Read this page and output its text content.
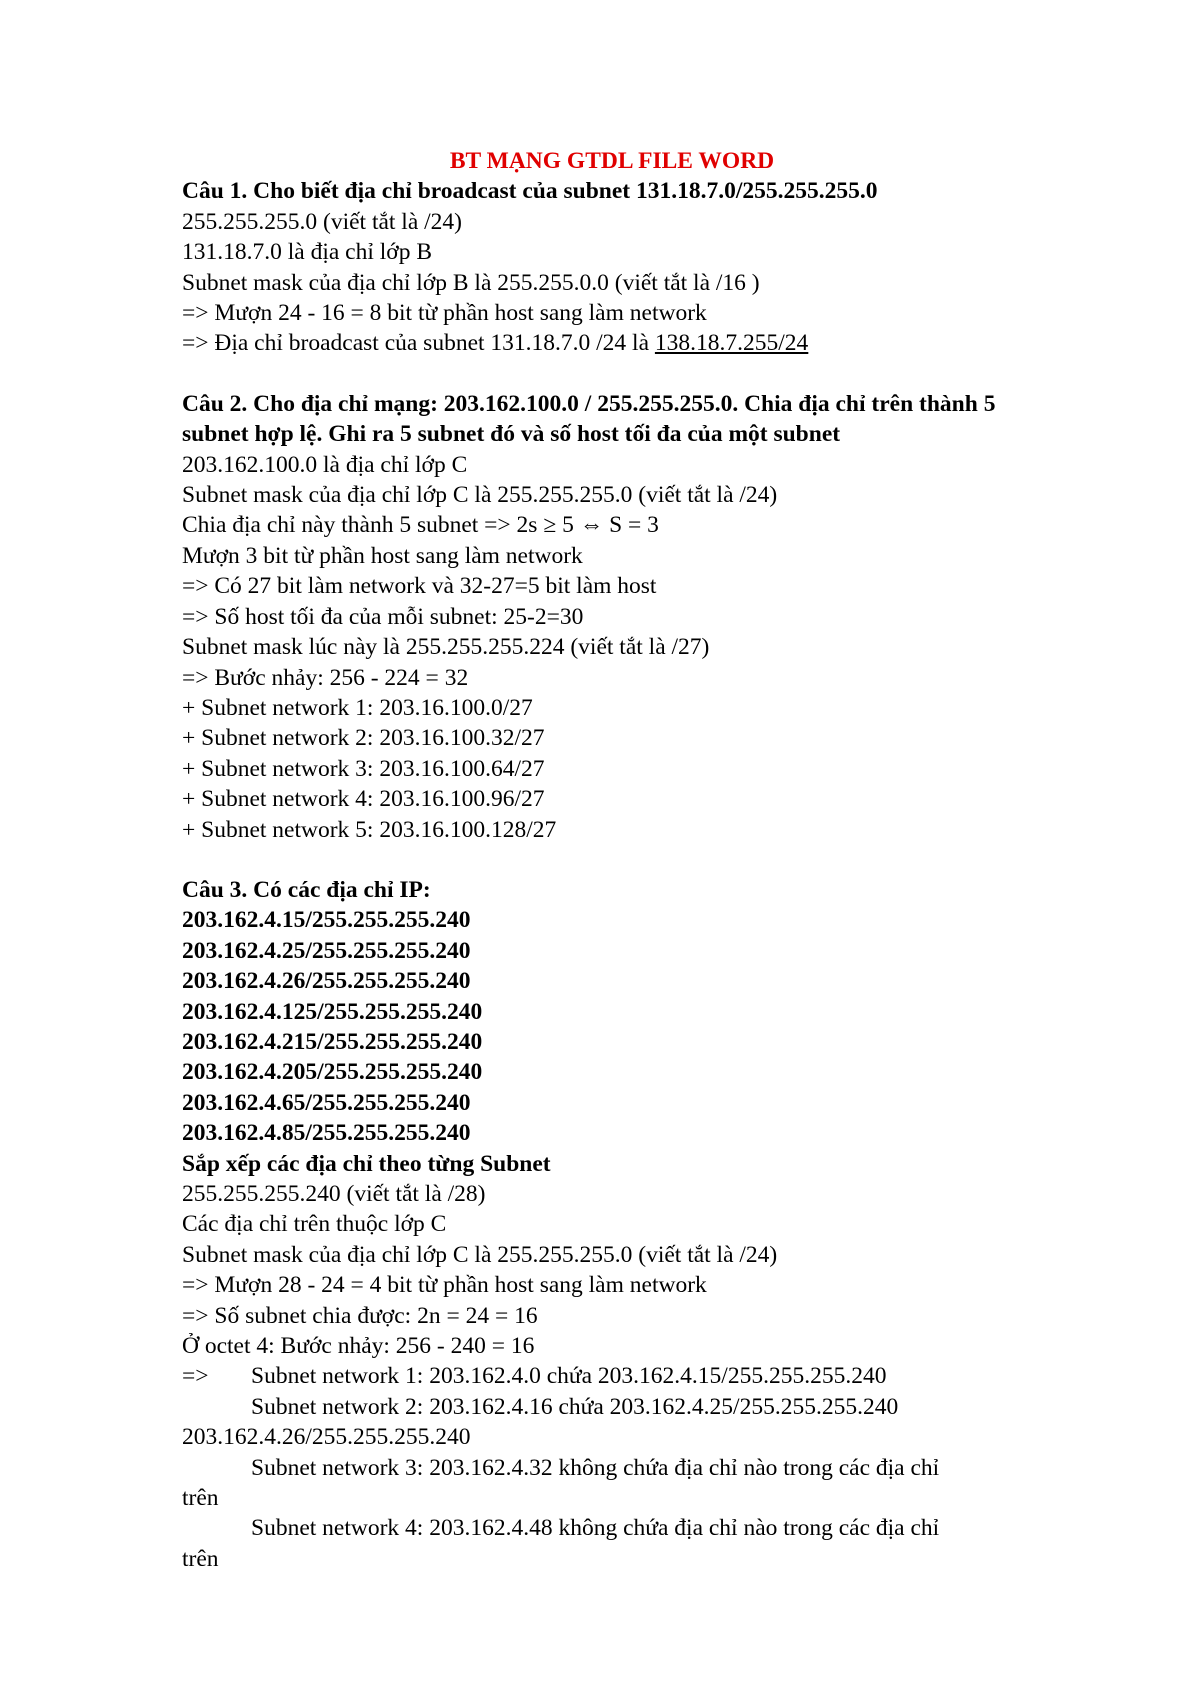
BT MẠNG GTDL FILE WORD
Câu 1. Cho biết địa chỉ broadcast của subnet 131.18.7.0/255.255.255.0
255.255.255.0 (viết tắt là /24)
131.18.7.0 là địa chỉ lớp B
Subnet mask của địa chỉ lớp B là 255.255.0.0 (viết tắt là /16 )
=> Mượn 24 - 16 = 8 bit từ phần host sang làm network
=> Địa chỉ broadcast của subnet 131.18.7.0 /24 là 138.18.7.255/24
Câu 2. Cho địa chỉ mạng: 203.162.100.0 / 255.255.255.0. Chia địa chỉ trên thành 5 subnet hợp lệ. Ghi ra 5 subnet đó và số host tối đa của một subnet
203.162.100.0 là địa chỉ lớp C
Subnet mask của địa chỉ lớp C là 255.255.255.0 (viết tắt là /24)
Chia địa chỉ này thành 5 subnet => 2s ≥ 5 ⇔ S = 3
Mượn 3 bit từ phần host sang làm network
=> Có 27 bit làm network và 32-27=5 bit làm host
=> Số host tối đa của mỗi subnet: 25-2=30
Subnet mask lúc này là 255.255.255.224 (viết tắt là /27)
=> Bước nhảy: 256 - 224 = 32
+ Subnet network 1: 203.16.100.0/27
+ Subnet network 2: 203.16.100.32/27
+ Subnet network 3: 203.16.100.64/27
+ Subnet network 4: 203.16.100.96/27
+ Subnet network 5: 203.16.100.128/27
Câu 3. Có các địa chỉ IP:
203.162.4.15/255.255.255.240
203.162.4.25/255.255.255.240
203.162.4.26/255.255.255.240
203.162.4.125/255.255.255.240
203.162.4.215/255.255.255.240
203.162.4.205/255.255.255.240
203.162.4.65/255.255.255.240
203.162.4.85/255.255.255.240
Sắp xếp các địa chỉ theo từng Subnet
255.255.255.240 (viết tắt là /28)
Các địa chỉ trên thuộc lớp C
Subnet mask của địa chỉ lớp C là 255.255.255.0 (viết tắt là /24)
=> Mượn 28 - 24 = 4 bit từ phần host sang làm network
=> Số subnet chia được: 2n = 24 = 16
Ở octet 4: Bước nhảy: 256 - 240 = 16
=>	Subnet network 1: 203.162.4.0 chứa 203.162.4.15/255.255.255.240
Subnet network 2: 203.162.4.16 chứa 203.162.4.25/255.255.255.240
203.162.4.26/255.255.255.240
Subnet network 3: 203.162.4.32 không chứa địa chỉ nào trong các địa chỉ
trên
Subnet network 4: 203.162.4.48 không chứa địa chỉ nào trong các địa chỉ
trên
